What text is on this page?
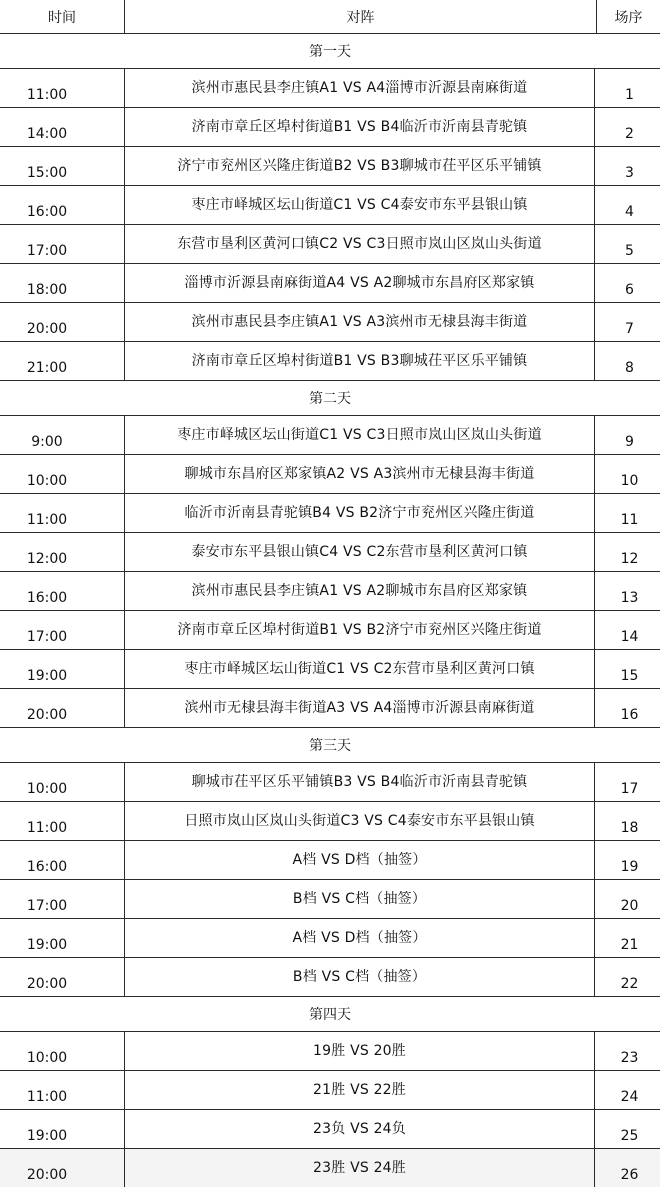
时间	对阵	场序
第一天
11:00	滨州市惠民县李庄镇A1 VS A4淄博市沂源县南麻街道	1
14:00	济南市章丘区埠村街道B1 VS B4临沂市沂南县青驼镇	2
15:00	济宁市兖州区兴隆庄街道B2 VS B3聊城市茌平区乐平铺镇	3
16:00	枣庄市峄城区坛山街道C1 VS C4泰安市东平县银山镇	4
17:00	东营市垦利区黄河口镇C2 VS C3日照市岚山区岚山头街道	5
18:00	淄博市沂源县南麻街道A4 VS A2聊城市东昌府区郑家镇	6
20:00	滨州市惠民县李庄镇A1 VS A3滨州市无棣县海丰街道	7
21:00	济南市章丘区埠村街道B1 VS B3聊城茌平区乐平铺镇	8
第二天
9:00	枣庄市峄城区坛山街道C1 VS C3日照市岚山区岚山头街道	9
10:00	聊城市东昌府区郑家镇A2 VS A3滨州市无棣县海丰街道	10
11:00	临沂市沂南县青驼镇B4 VS B2济宁市兖州区兴隆庄街道	11
12:00	泰安市东平县银山镇C4 VS C2东营市垦利区黄河口镇	12
16:00	滨州市惠民县李庄镇A1 VS A2聊城市东昌府区郑家镇	13
17:00	济南市章丘区埠村街道B1 VS B2济宁市兖州区兴隆庄街道	14
19:00	枣庄市峄城区坛山街道C1 VS C2东营市垦利区黄河口镇	15
20:00	滨州市无棣县海丰街道A3 VS A4淄博市沂源县南麻街道	16
第三天
10:00	聊城市茌平区乐平铺镇B3 VS B4临沂市沂南县青驼镇	17
11:00	日照市岚山区岚山头街道C3 VS C4泰安市东平县银山镇	18
16:00	A档 VS D档（抽签）	19
17:00	B档 VS C档（抽签）	20
19:00	A档 VS D档（抽签）	21
20:00	B档 VS C档（抽签）	22
第四天
10:00	19胜 VS 20胜	23
11:00	21胜 VS 22胜	24
19:00	23负 VS 24负	25
20:00	23胜 VS 24胜	26
